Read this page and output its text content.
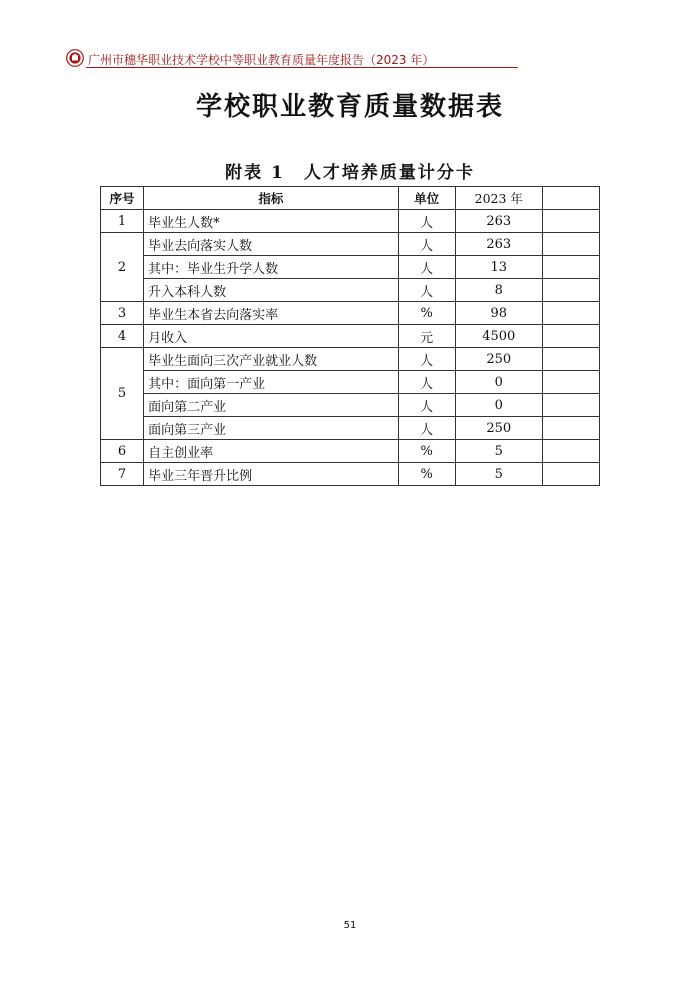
广州市穗华职业技术学校中等职业教育质量年度报告（2023 年）
学校职业教育质量数据表
附表 1　人才培养质量计分卡
序号	指标	单位	2023 年	
1	毕业生人数*	人	263	
2	毕业去向落实人数	人	263	
	其中：毕业生升学人数	人	13	
	升入本科人数	人	8	
3	毕业生本省去向落实率	%	98	
4	月收入	元	4500	
5	毕业生面向三次产业就业人数	人	250	
	其中：面向第一产业	人	0	
	面向第二产业	人	0	
	面向第三产业	人	250	
6	自主创业率	%	5	
7	毕业三年晋升比例	%	5	
51
